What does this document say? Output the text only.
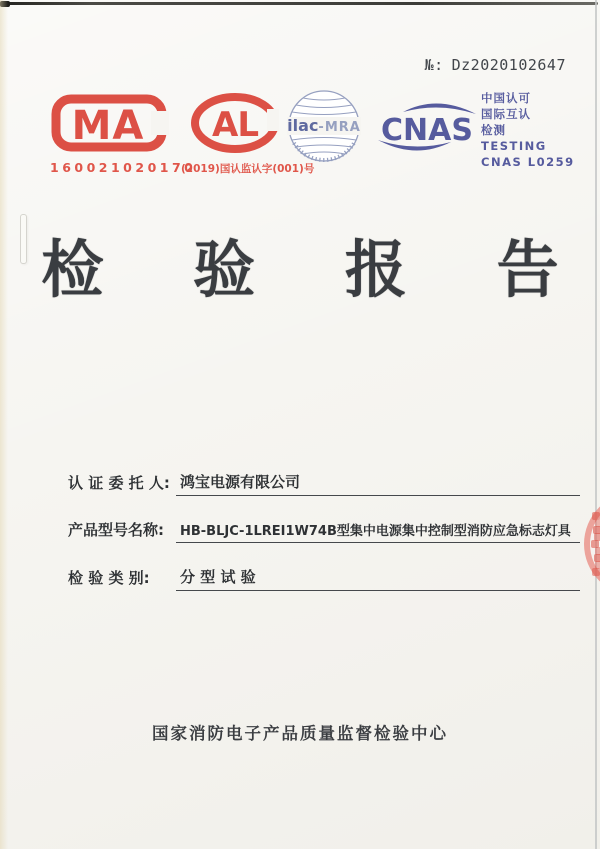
№: Dz2020102647
MA
160021020170
AL
(2019)国认监认字(001)号
ilac-MRA CNAS
中国认可
国际互认
检测
TESTING
CNAS L0259
检 验 报 告
认 证 委 托 人: 鸿宝电源有限公司
产品型号名称:	HB-BLJC-1LREⅠ1W74B型集中电源集中控制型消防应急标志灯具
检 验 类 别:	分 型 试 验
国家消防电子产品质量监督检验中心
